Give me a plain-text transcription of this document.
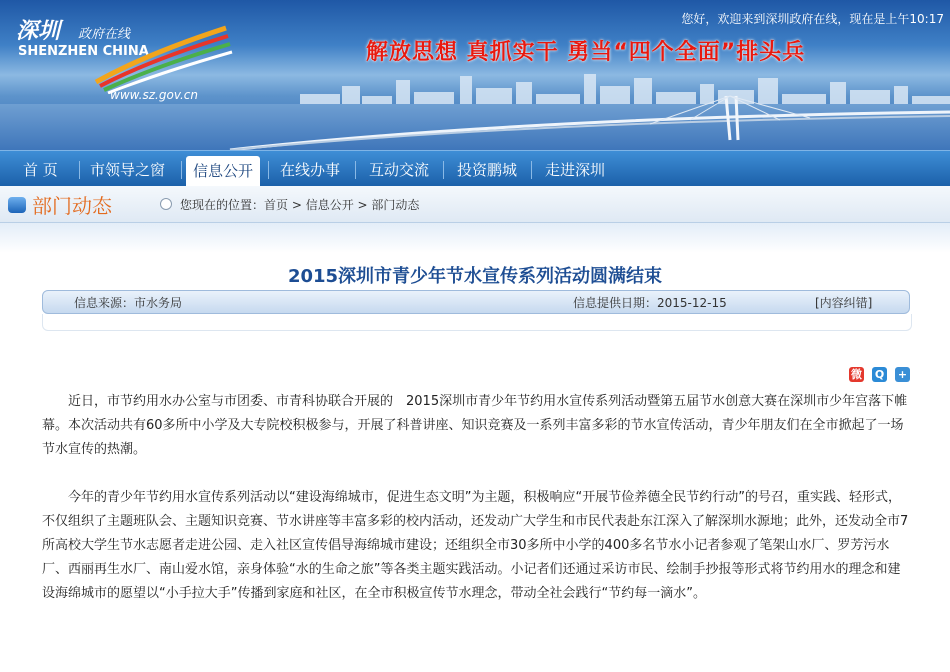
深圳 政府在线
SHENZHEN CHINA
www.sz.gov.cn
您好，欢迎来到深圳政府在线，现在是上午10:17
解放思想 真抓实干 勇当“四个全面”排头兵
首 页	市领导之窗	信息公开	在线办事	互动交流	投资鹏城	走进深圳
部门动态	您现在的位置：首页 > 信息公开 > 部门动态
2015深圳市青少年节水宣传系列活动圆满结束
信息来源：市水务局	信息提供日期：2015-12-15	[内容纠错]
微 Q +

近日，市节约用水办公室与市团委、市青科协联合开展的　2015深圳市青少年节约用水宣传系列活动暨第五届节水创意大赛在深圳市少年宫落下帷幕。本次活动共有60多所中小学及大专院校积极参与，开展了科普讲座、知识竞赛及一系列丰富多彩的节水宣传活动，青少年朋友们在全市掀起了一场节水宣传的热潮。

今年的青少年节约用水宣传系列活动以“建设海绵城市，促进生态文明”为主题，积极响应“开展节俭养德全民节约行动”的号召，重实践、轻形式，不仅组织了主题班队会、主题知识竞赛、节水讲座等丰富多彩的校内活动，还发动广大学生和市民代表赴东江深入了解深圳水源地；此外，还发动全市7所高校大学生节水志愿者走进公园、走入社区宣传倡导海绵城市建设；还组织全市30多所中小学的400多名节水小记者参观了笔架山水厂、罗芳污水厂、西丽再生水厂、南山爱水馆，亲身体验“水的生命之旅”等各类主题实践活动。小记者们还通过采访市民、绘制手抄报等形式将节约用水的理念和建设海绵城市的愿望以“小手拉大手”传播到家庭和社区，在全市积极宣传节水理念，带动全社会践行“节约每一滴水”。
